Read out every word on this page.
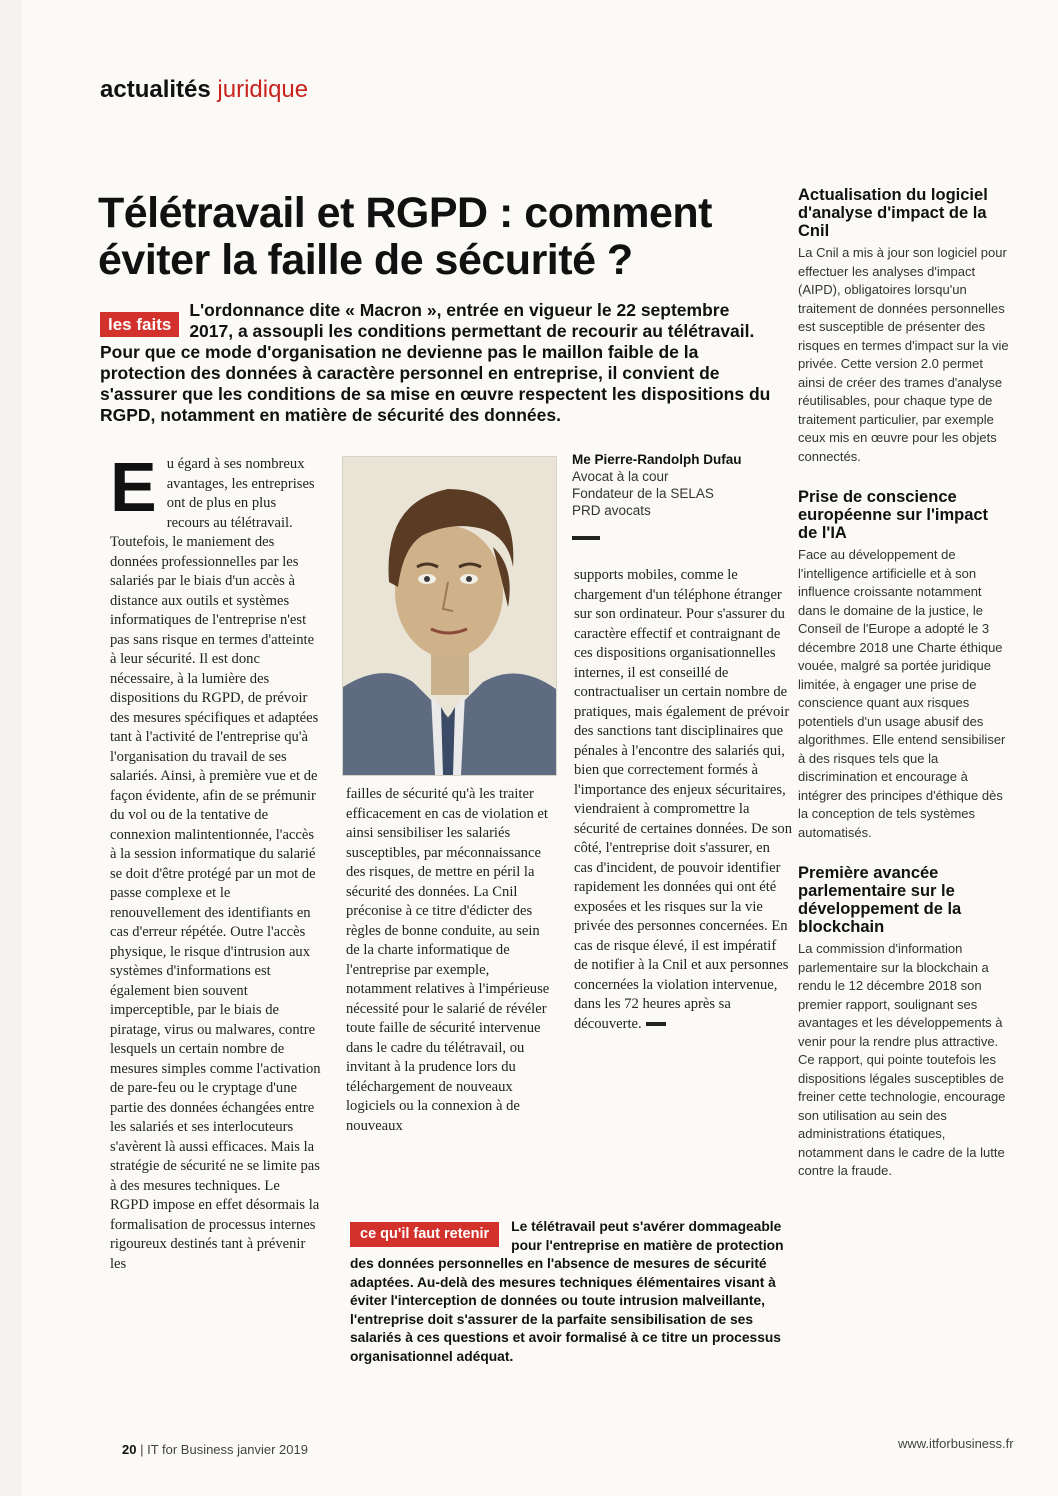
actualités juridique
Télétravail et RGPD : comment éviter la faille de sécurité ?
les faits
L'ordonnance dite « Macron », entrée en vigueur le 22 septembre 2017, a assoupli les conditions permettant de recourir au télétravail. Pour que ce mode d'organisation ne devienne pas le maillon faible de la protection des données à caractère personnel en entreprise, il convient de s'assurer que les conditions de sa mise en œuvre respectent les dispositions du RGPD, notamment en matière de sécurité des données.
E u égard à ses nombreux avantages, les entreprises ont de plus en plus recours au télétravail. Toutefois, le maniement des données professionnelles par les salariés par le biais d'un accès à distance aux outils et systèmes informatiques de l'entreprise n'est pas sans risque en termes d'atteinte à leur sécurité. Il est donc nécessaire, à la lumière des dispositions du RGPD, de prévoir des mesures spécifiques et adaptées tant à l'activité de l'entreprise qu'à l'organisation du travail de ses salariés. Ainsi, à première vue et de façon évidente, afin de se prémunir du vol ou de la tentative de connexion malintentionnée, l'accès à la session informatique du salarié se doit d'être protégé par un mot de passe complexe et le renouvellement des identifiants en cas d'erreur répétée. Outre l'accès physique, le risque d'intrusion aux systèmes d'informations est également bien souvent imperceptible, par le biais de piratage, virus ou malwares, contre lesquels un certain nombre de mesures simples comme l'activation de pare-feu ou le cryptage d'une partie des données échangées entre les salariés et ses interlocuteurs s'avèrent là aussi efficaces. Mais la stratégie de sécurité ne se limite pas à des mesures techniques. Le RGPD impose en effet désormais la formalisation de processus internes rigoureux destinés tant à prévenir les
Me Pierre-Randolph Dufau
Avocat à la cour
Fondateur de la SELAS
PRD avocats
failles de sécurité qu'à les traiter efficacement en cas de violation et ainsi sensibiliser les salariés susceptibles, par méconnaissance des risques, de mettre en péril la sécurité des données. La Cnil préconise à ce titre d'édicter des règles de bonne conduite, au sein de la charte informatique de l'entreprise par exemple, notamment relatives à l'impérieuse nécessité pour le salarié de révéler toute faille de sécurité intervenue dans le cadre du télétravail, ou invitant à la prudence lors du téléchargement de nouveaux logiciels ou la connexion à de nouveaux
supports mobiles, comme le chargement d'un téléphone étranger sur son ordinateur. Pour s'assurer du caractère effectif et contraignant de ces dispositions organisationnelles internes, il est conseillé de contractualiser un certain nombre de pratiques, mais également de prévoir des sanctions tant disciplinaires que pénales à l'encontre des salariés qui, bien que correctement formés à l'importance des enjeux sécuritaires, viendraient à compromettre la sécurité de certaines données. De son côté, l'entreprise doit s'assurer, en cas d'incident, de pouvoir identifier rapidement les données qui ont été exposées et les risques sur la vie privée des personnes concernées. En cas de risque élevé, il est impératif de notifier à la Cnil et aux personnes concernées la violation intervenue, dans les 72 heures après sa découverte.
Actualisation du logiciel d'analyse d'impact de la Cnil

La Cnil a mis à jour son logiciel pour effectuer les analyses d'impact (AIPD), obligatoires lorsqu'un traitement de données personnelles est susceptible de présenter des risques en termes d'impact sur la vie privée. Cette version 2.0 permet ainsi de créer des trames d'analyse réutilisables, pour chaque type de traitement particulier, par exemple ceux mis en œuvre pour les objets connectés.

Prise de conscience européenne sur l'impact de l'IA

Face au développement de l'intelligence artificielle et à son influence croissante notamment dans le domaine de la justice, le Conseil de l'Europe a adopté le 3 décembre 2018 une Charte éthique vouée, malgré sa portée juridique limitée, à engager une prise de conscience quant aux risques potentiels d'un usage abusif des algorithmes. Elle entend sensibiliser à des risques tels que la discrimination et encourage à intégrer des principes d'éthique dès la conception de tels systèmes automatisés.

Première avancée parlementaire sur le développement de la blockchain

La commission d'information parlementaire sur la blockchain a rendu le 12 décembre 2018 son premier rapport, soulignant ses avantages et les développements à venir pour la rendre plus attractive. Ce rapport, qui pointe toutefois les dispositions légales susceptibles de freiner cette technologie, encourage son utilisation au sein des administrations étatiques, notamment dans le cadre de la lutte contre la fraude.

ce qu'il faut retenir	Le télétravail peut s'avérer dommageable pour l'entreprise en matière de protection des données personnelles en l'absence de mesures de sécurité adaptées. Au-delà des mesures techniques élémentaires visant à éviter l'interception de données ou toute intrusion malveillante, l'entreprise doit s'assurer de la parfaite sensibilisation de ses salariés à ces questions et avoir formalisé à ce titre un processus organisationnel adéquat.
20 | IT for Business janvier 2019	www.itforbusiness.fr
